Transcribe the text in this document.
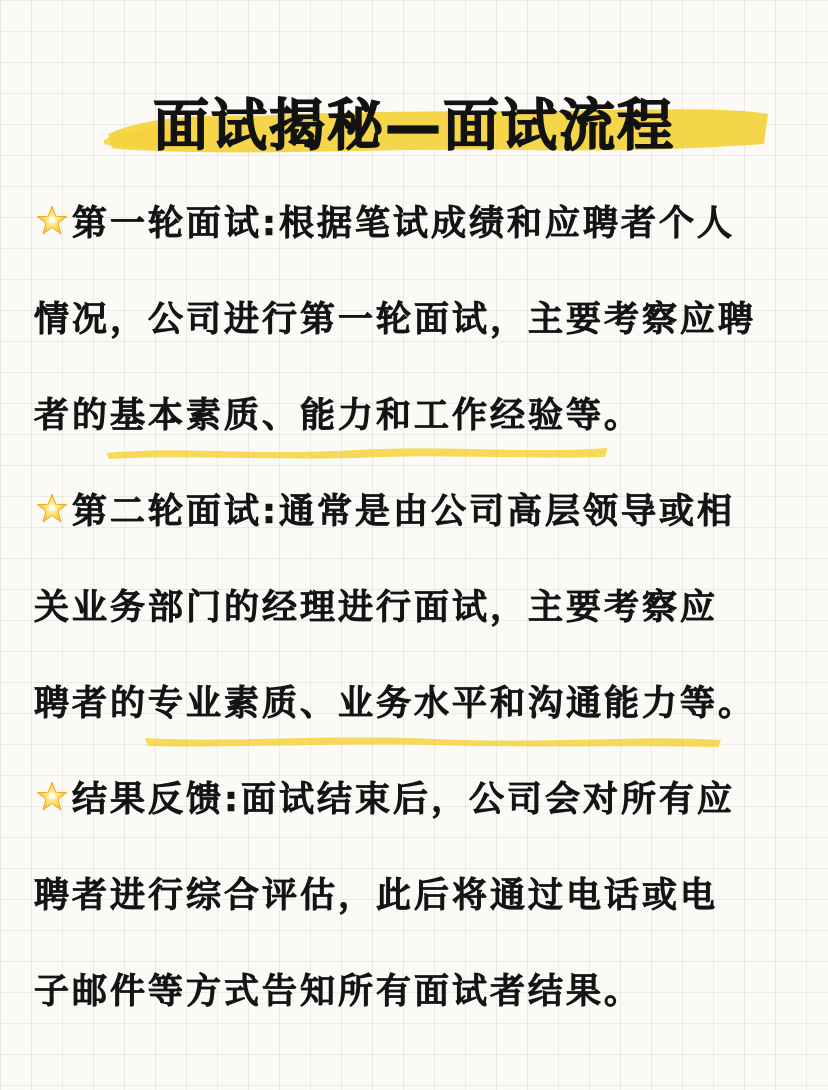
面试揭秘—面试流程
第一轮面试:根据笔试成绩和应聘者个人
情况，公司进行第一轮面试，主要考察应聘
者的
基本素质、能力和工作经验等。
第二轮面试:通常是由公司高层领导或相
关业务部门的经理进行面试，主要考察应
聘者的
专业素质、业务水平和沟通能力等。
结果反馈:面试结束后，公司会对所有应
聘者进行综合评估，此后将通过电话或电
子邮件等方式告知所有面试者结果。
